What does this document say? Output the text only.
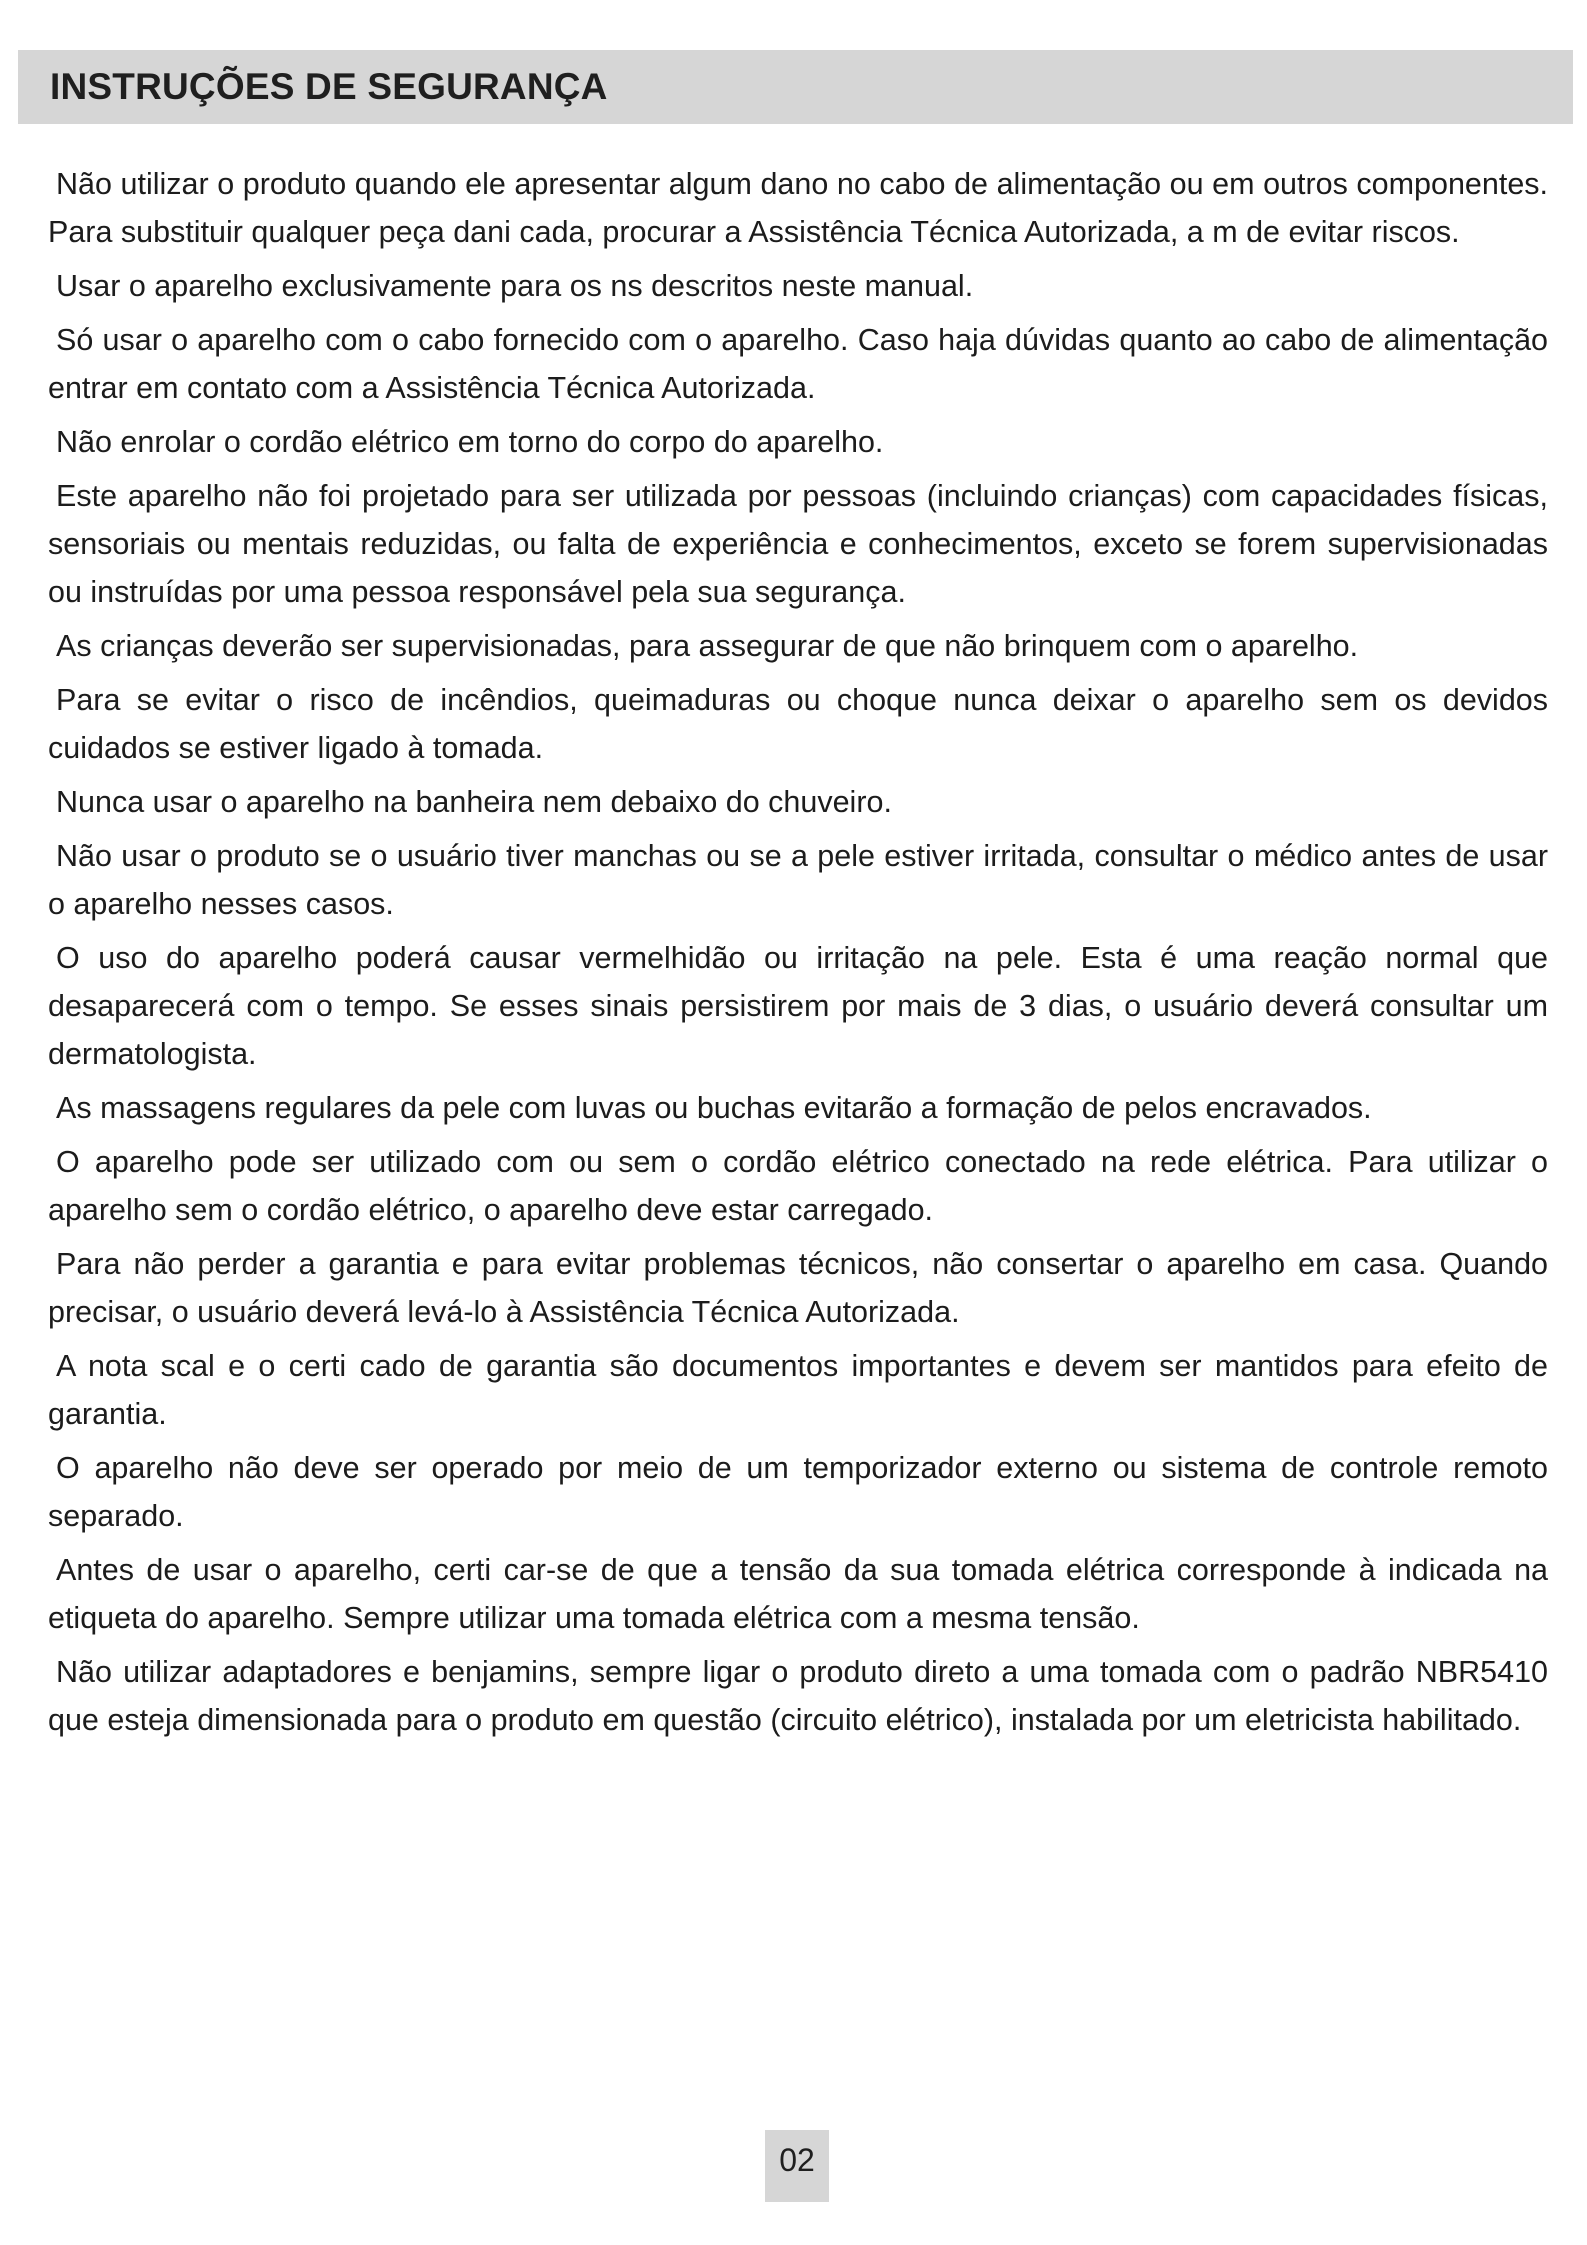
INSTRUÇÕES DE SEGURANÇA

Não utilizar o produto quando ele apresentar algum dano no cabo de alimentação ou em outros componentes. Para substituir qualquer peça dani cada, procurar a Assistência Técnica Autorizada, a m de evitar riscos.

Usar o aparelho exclusivamente para os ns descritos neste manual.

Só usar o aparelho com o cabo fornecido com o aparelho. Caso haja dúvidas quanto ao cabo de alimentação entrar em contato com a Assistência Técnica Autorizada.

Não enrolar o cordão elétrico em torno do corpo do aparelho.

Este aparelho não foi projetado para ser utilizada por pessoas (incluindo crianças) com capacidades físicas, sensoriais ou mentais reduzidas, ou falta de experiência e conhecimentos, exceto se forem supervisionadas ou instruídas por uma pessoa responsável pela sua segurança.

As crianças deverão ser supervisionadas, para assegurar de que não brinquem com o aparelho.

Para se evitar o risco de incêndios, queimaduras ou choque nunca deixar o aparelho sem os devidos cuidados se estiver ligado à tomada.

Nunca usar o aparelho na banheira nem debaixo do chuveiro.

Não usar o produto se o usuário tiver manchas ou se a pele estiver irritada, consultar o médico antes de usar o aparelho nesses casos.

O uso do aparelho poderá causar vermelhidão ou irritação na pele. Esta é uma reação normal que desaparecerá com o tempo. Se esses sinais persistirem por mais de 3 dias, o usuário deverá consultar um dermatologista.

As massagens regulares da pele com luvas ou buchas evitarão a formação de pelos encravados.

O aparelho pode ser utilizado com ou sem o cordão elétrico conectado na rede elétrica. Para utilizar o aparelho sem o cordão elétrico, o aparelho deve estar carregado.

Para não perder a garantia e para evitar problemas técnicos, não consertar o aparelho em casa. Quando precisar, o usuário deverá levá-lo à Assistência Técnica Autorizada.

A nota scal e o certi cado de garantia são documentos importantes e devem ser mantidos para efeito de garantia.

O aparelho não deve ser operado por meio de um temporizador externo ou sistema de controle remoto separado.

Antes de usar o aparelho, certi car-se de que a tensão da sua tomada elétrica corresponde à indicada na etiqueta do aparelho. Sempre utilizar uma tomada elétrica com a mesma tensão.

Não utilizar adaptadores e benjamins, sempre ligar o produto direto a uma tomada com o padrão NBR5410 que esteja dimensionada para o produto em questão (circuito elétrico), instalada por um eletricista habilitado.

02
